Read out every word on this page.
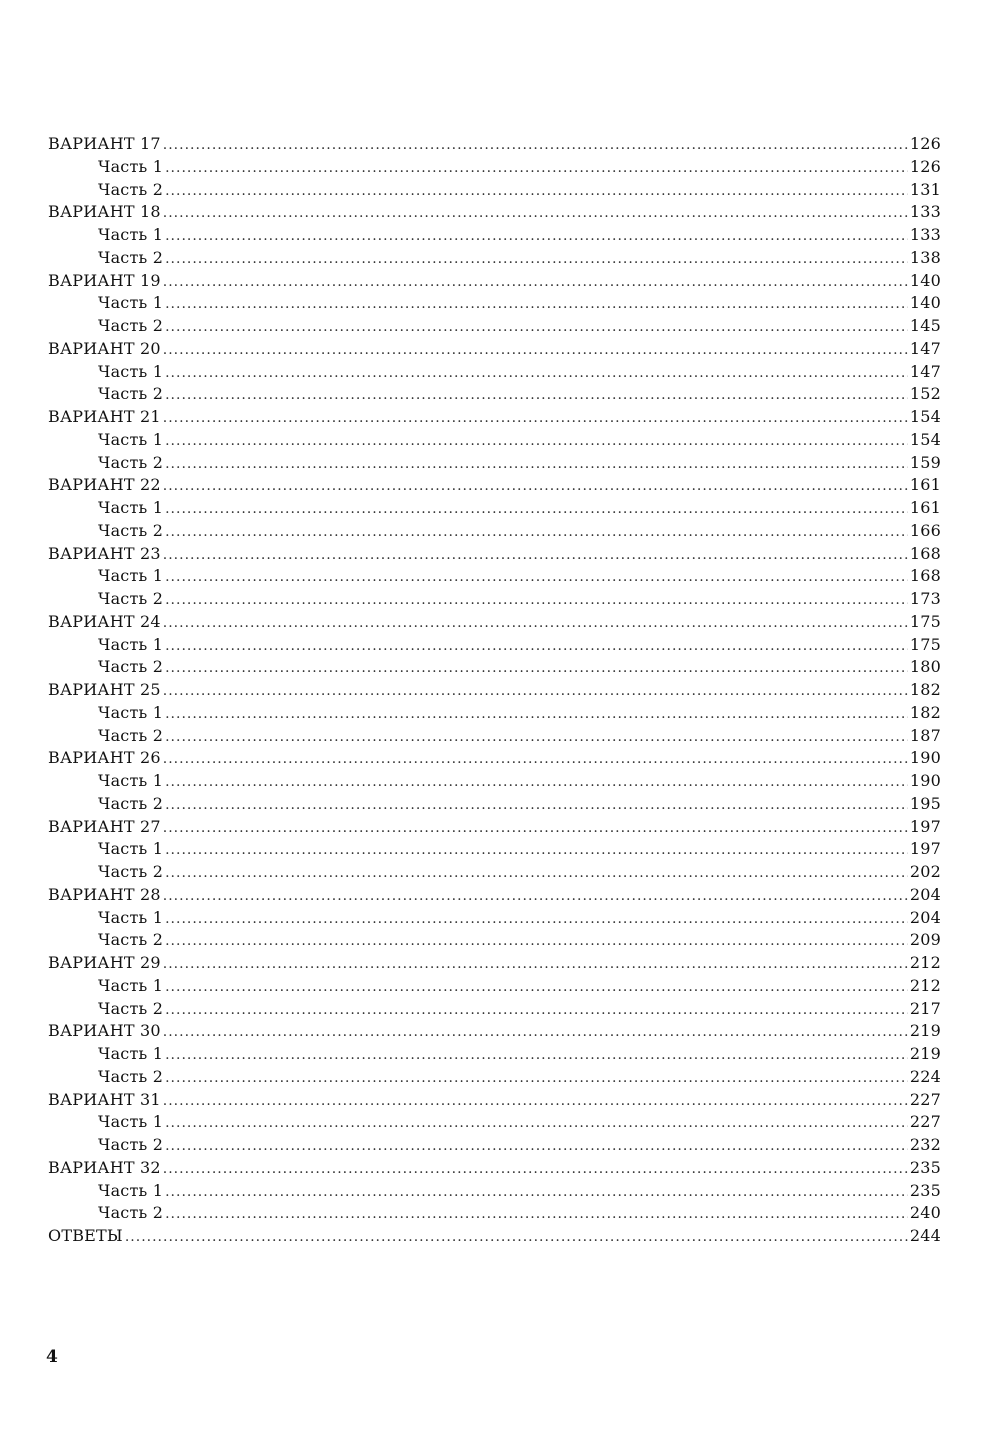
ВАРИАНТ 17 .....	126
Часть 1 .....	126
Часть 2 .....	131
ВАРИАНТ 18 .....	133
Часть 1 .....	133
Часть 2 .....	138
ВАРИАНТ 19 .....	140
Часть 1 .....	140
Часть 2 .....	145
ВАРИАНТ 20 .....	147
Часть 1 .....	147
Часть 2 .....	152
ВАРИАНТ 21 .....	154
Часть 1 .....	154
Часть 2 .....	159
ВАРИАНТ 22 .....	161
Часть 1 .....	161
Часть 2 .....	166
ВАРИАНТ 23 .....	168
Часть 1 .....	168
Часть 2 .....	173
ВАРИАНТ 24 .....	175
Часть 1 .....	175
Часть 2 .....	180
ВАРИАНТ 25 .....	182
Часть 1 .....	182
Часть 2 .....	187
ВАРИАНТ 26 .....	190
Часть 1 .....	190
Часть 2 .....	195
ВАРИАНТ 27 .....	197
Часть 1 .....	197
Часть 2 .....	202
ВАРИАНТ 28 .....	204
Часть 1 .....	204
Часть 2 .....	209
ВАРИАНТ 29 .....	212
Часть 1 .....	212
Часть 2 .....	217
ВАРИАНТ 30 .....	219
Часть 1 .....	219
Часть 2 .....	224
ВАРИАНТ 31 .....	227
Часть 1 .....	227
Часть 2 .....	232
ВАРИАНТ 32 .....	235
Часть 1 .....	235
Часть 2 .....	240
ОТВЕТЫ .....	244
4
